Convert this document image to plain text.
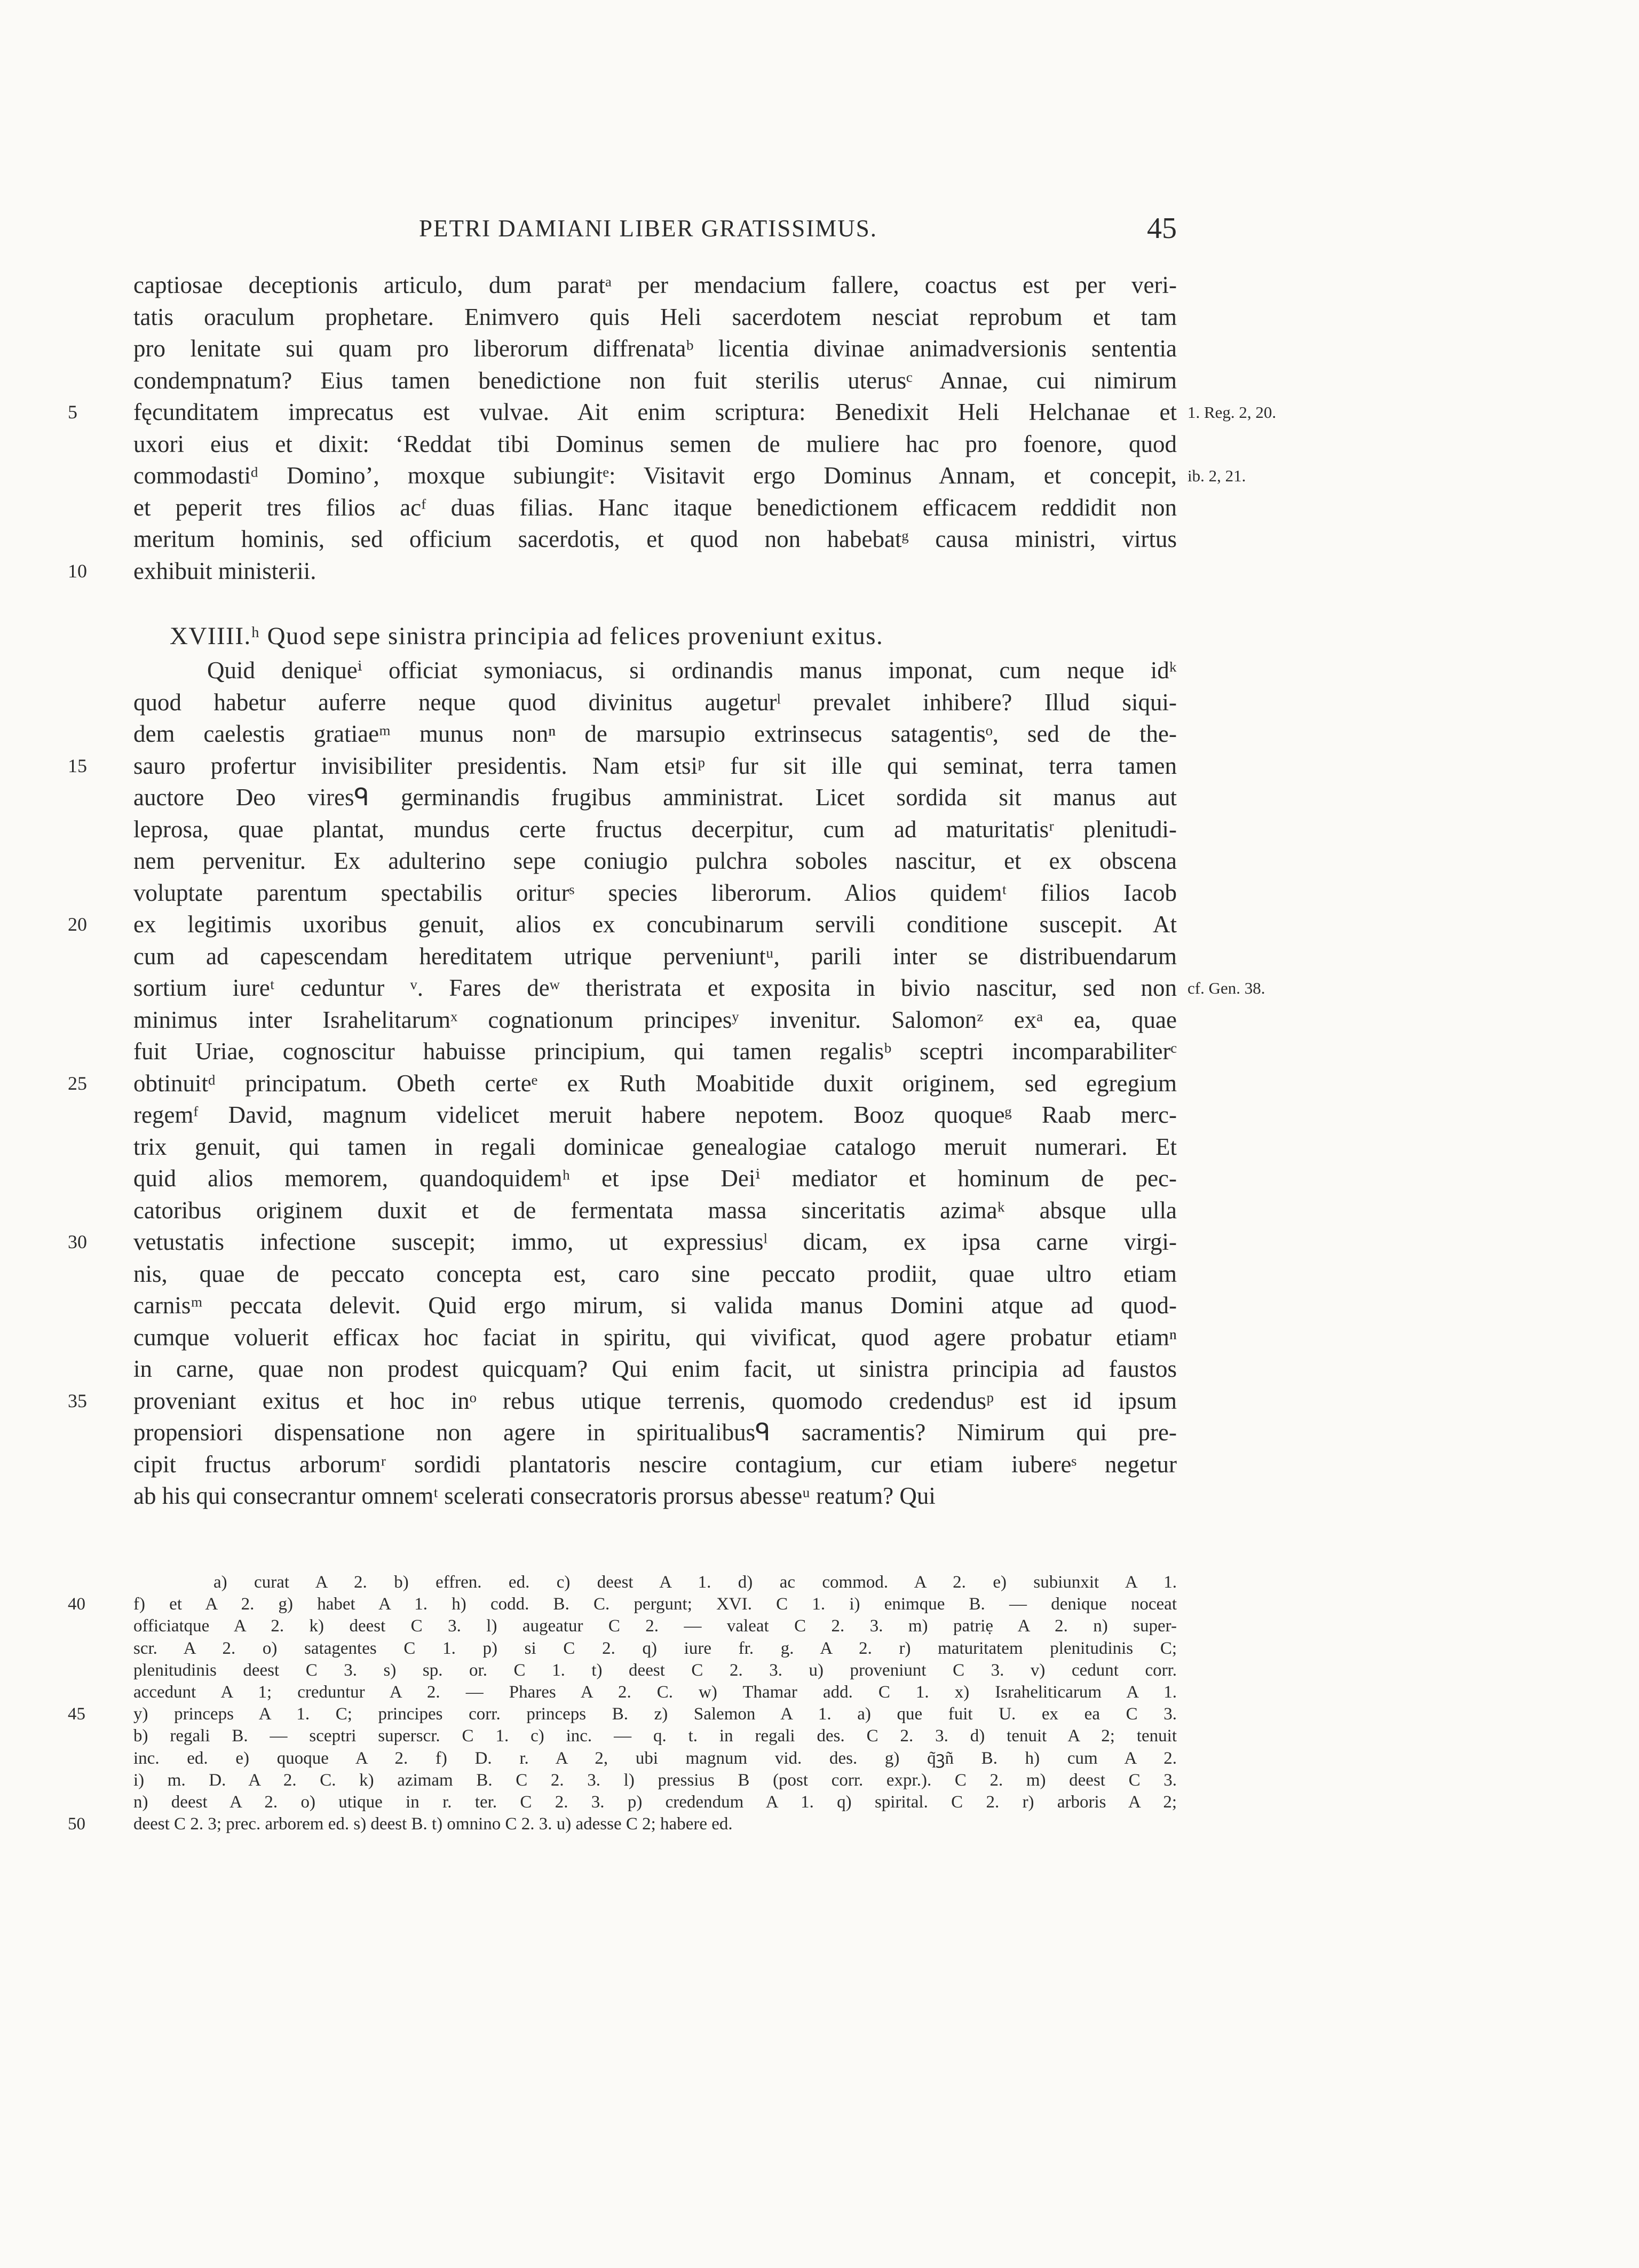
PETRI DAMIANI LIBER GRATISSIMUS.	45
captiosae deceptionis articulo, dum paratᵃ per mendacium fallere, coactus est per veri-
tatis oraculum prophetare. Enimvero quis Heli sacerdotem nesciat reprobum et tam
pro lenitate sui quam pro liberorum diffrenataᵇ licentia divinae animadversionis sententia
condempnatum? Eius tamen benedictione non fuit sterilis uterusᶜ Annae, cui nimirum
fęcunditatem imprecatus est vulvae. Ait enim scriptura: Benedixit Heli Helchanae et
5	1. Reg. 2, 20.
uxori eius et dixit: ‘Reddat tibi Dominus semen de muliere hac pro foenore, quod
commodastiᵈ Domino’, moxque subiungitᵉ: Visitavit ergo Dominus Annam, et concepit, ib. 2, 21.
et peperit tres filios acᶠ duas filias. Hanc itaque benedictionem efficacem reddidit non
meritum hominis, sed officium sacerdotis, et quod non habebatᵍ causa ministri, virtus
exhibuit ministerii.
10
XVIIII.ʰ Quod sepe sinistra principia ad felices proveniunt exitus.
Quid deniqueⁱ officiat symoniacus, si ordinandis manus imponat, cum neque idᵏ
quod habetur auferre neque quod divinitus augeturˡ prevalet inhibere? Illud siqui-
dem caelestis gratiaeᵐ munus nonⁿ de marsupio extrinsecus satagentisᵒ, sed de the-
sauro profertur invisibiliter presidentis. Nam etsiᵖ fur sit ille qui seminat, terra tamen
15
auctore Deo viresᑫ germinandis frugibus amministrat. Licet sordida sit manus aut
leprosa, quae plantat, mundus certe fructus decerpitur, cum ad maturitatisʳ plenitudi-
nem pervenitur. Ex adulterino sepe coniugio pulchra soboles nascitur, et ex obscena
voluptate parentum spectabilis oriturˢ species liberorum. Alios quidemᵗ filios Iacob
ex legitimis uxoribus genuit, alios ex concubinarum servili conditione suscepit. At
20
cum ad capescendam hereditatem utrique perveniuntᵘ, parili inter se distribuendarum
sortium iureᵗ ceduntur ᵛ. Fares deʷ theristrata et exposita in bivio nascitur, sed non cf. Gen. 38.
minimus inter Israhelitarumˣ cognationum principesʸ invenitur. Salomonᶻ exᵃ ea, quae
fuit Uriae, cognoscitur habuisse principium, qui tamen regalisᵇ sceptri incomparabiliterᶜ
obtinuitᵈ principatum. Obeth certeᵉ ex Ruth Moabitide duxit originem, sed egregium
25
regemᶠ David, magnum videlicet meruit habere nepotem. Booz quoqueᵍ Raab merc-
trix genuit, qui tamen in regali dominicae genealogiae catalogo meruit numerari. Et
quid alios memorem, quandoquidemʰ et ipse Deiⁱ mediator et hominum de pec-
catoribus originem duxit et de fermentata massa sinceritatis azimaᵏ absque ulla
vetustatis infectione suscepit; immo, ut expressiusˡ dicam, ex ipsa carne virgi-
30
nis, quae de peccato concepta est, caro sine peccato prodiit, quae ultro etiam
carnisᵐ peccata delevit. Quid ergo mirum, si valida manus Domini atque ad quod-
cumque voluerit efficax hoc faciat in spiritu, qui vivificat, quod agere probatur etiamⁿ
in carne, quae non prodest quicquam? Qui enim facit, ut sinistra principia ad faustos
proveniant exitus et hoc inᵒ rebus utique terrenis, quomodo credendusᵖ est id ipsum
35
propensiori dispensatione non agere in spiritualibusᑫ sacramentis? Nimirum qui pre-
cipit fructus arborumʳ sordidi plantatoris nescire contagium, cur etiam iubereˢ negetur
ab his qui consecrantur omnemᵗ scelerati consecratoris prorsus abesseᵘ reatum? Qui
a) curat A 2. b) effren. ed. c) deest A 1. d) ac commod. A 2. e) subiunxit A 1.
f) et A 2. g) habet A 1. h) codd. B. C. pergunt; XVI. C 1. i) enimque B. — denique noceat
40
officiatque A 2. k) deest C 3. l) augeatur C 2. — valeat C 2. 3. m) patriẹ A 2. n) super-
scr. A 2. o) satagentes C 1. p) si C 2. q) iure fr. g. A 2. r) maturitatem plenitudinis C;
plenitudinis deest C 3. s) sp. or. C 1. t) deest C 2. 3. u) proveniunt C 3. v) cedunt corr.
accedunt A 1; creduntur A 2. — Phares A 2. C. w) Thamar add. C 1. x) Israheliticarum A 1.
y) princeps A 1. C; principes corr. princeps B. z) Salemon A 1. a) que fuit U. ex ea C 3.
45
b) regali B. — sceptri superscr. C 1. c) inc. — q. t. in regali des. C 2. 3. d) tenuit A 2; tenuit
inc. ed. e) quoque A 2. f) D. r. A 2, ubi magnum vid. des. g) q̃ꝫñ B. h) cum A 2.
i) m. D. A 2. C. k) azimam B. C 2. 3. l) pressius B (post corr. expr.). C 2. m) deest C 3.
n) deest A 2. o) utique in r. ter. C 2. 3. p) credendum A 1. q) spirital. C 2. r) arboris A 2;
deest C 2. 3; prec. arborem ed. s) deest B. t) omnino C 2. 3. u) adesse C 2; habere ed.
50
